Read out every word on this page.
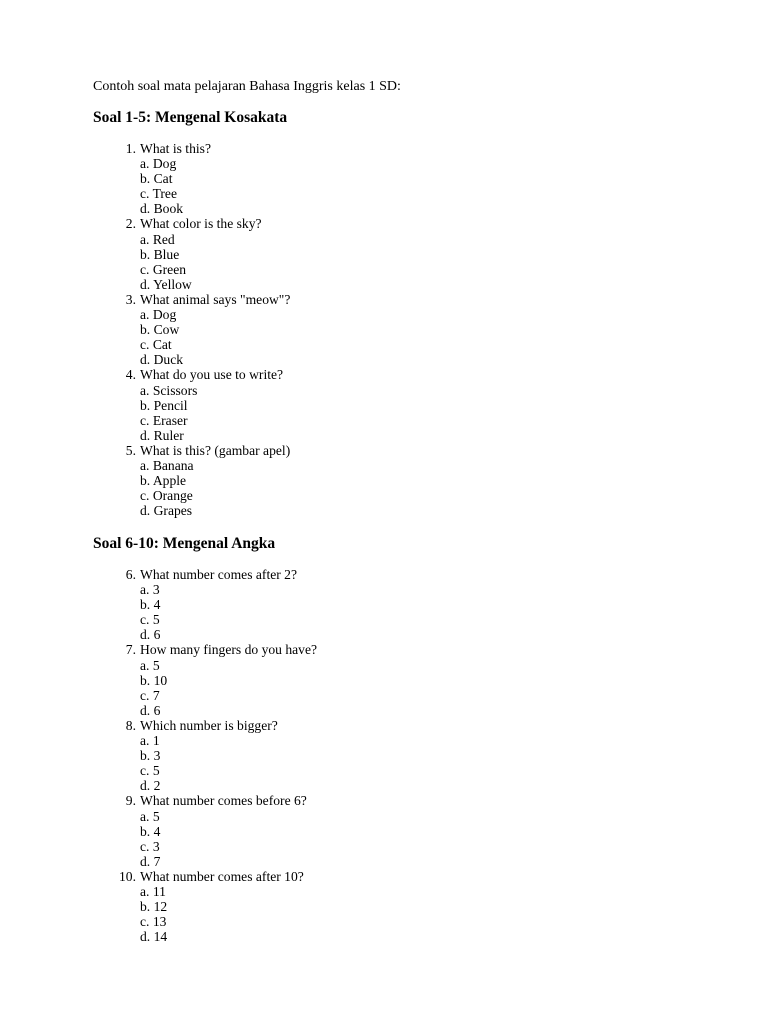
Contoh soal mata pelajaran Bahasa Inggris kelas 1 SD:
Soal 1-5: Mengenal Kosakata
1. What is this?
a. Dog
b. Cat
c. Tree
d. Book
2. What color is the sky?
a. Red
b. Blue
c. Green
d. Yellow
3. What animal says "meow"?
a. Dog
b. Cow
c. Cat
d. Duck
4. What do you use to write?
a. Scissors
b. Pencil
c. Eraser
d. Ruler
5. What is this? (gambar apel)
a. Banana
b. Apple
c. Orange
d. Grapes
Soal 6-10: Mengenal Angka
6. What number comes after 2?
a. 3
b. 4
c. 5
d. 6
7. How many fingers do you have?
a. 5
b. 10
c. 7
d. 6
8. Which number is bigger?
a. 1
b. 3
c. 5
d. 2
9. What number comes before 6?
a. 5
b. 4
c. 3
d. 7
10. What number comes after 10?
a. 11
b. 12
c. 13
d. 14
